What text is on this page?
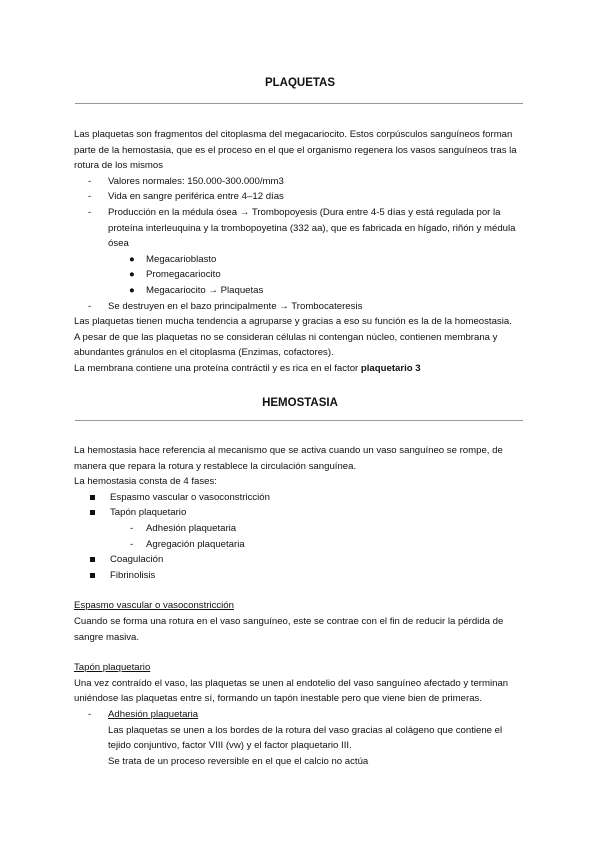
PLAQUETAS

Las plaquetas son fragmentos del citoplasma del megacariocito. Estos corpúsculos sanguíneos forman parte de la hemostasia, que es el proceso en el que el organismo regenera los vasos sanguíneos tras la rotura de los mismos

- Valores normales: 150.000-300.000/mm3
- Vida en sangre periférica entre 4–12 días
- Producción en la médula ósea → Trombopoyesis (Dura entre 4-5 días y está regulada por la proteína interleuquina y la trombopoyetina (332 aa), que es fabricada en hígado, riñón y médula ósea
● Megacarioblasto
● Promegacariocito
● Megacariocito → Plaquetas
- Se destruyen en el bazo principalmente → Trombocateresis

Las plaquetas tienen mucha tendencia a agruparse y gracias a eso su función es la de la homeostasia.

A pesar de que las plaquetas no se consideran células ni contengan núcleo, contienen membrana y abundantes gránulos en el citoplasma (Enzimas, cofactores).

La membrana contiene una proteína contráctil y es rica en el factor plaquetario 3

HEMOSTASIA

La hemostasia hace referencia al mecanismo que se activa cuando un vaso sanguíneo se rompe, de manera que repara la rotura y restablece la circulación sanguínea.

La hemostasia consta de 4 fases:

Espasmo vascular o vasoconstricción
Tapón plaquetario
- Adhesión plaquetaria
- Agregación plaquetaria
Coagulación
Fibrinolisis

Espasmo vascular o vasoconstricción

Cuando se forma una rotura en el vaso sanguíneo, este se contrae con el fin de reducir la pérdida de sangre masiva.

Tapón plaquetario

Una vez contraído el vaso, las plaquetas se unen al endotelio del vaso sanguíneo afectado y terminan uniéndose las plaquetas entre sí, formando un tapón inestable pero que viene bien de primeras.

- Adhesión plaquetaria

Las plaquetas se unen a los bordes de la rotura del vaso gracias al colágeno que contiene el tejido conjuntivo, factor VIII (vw) y el factor plaquetario III.

Se trata de un proceso reversible en el que el calcio no actúa
